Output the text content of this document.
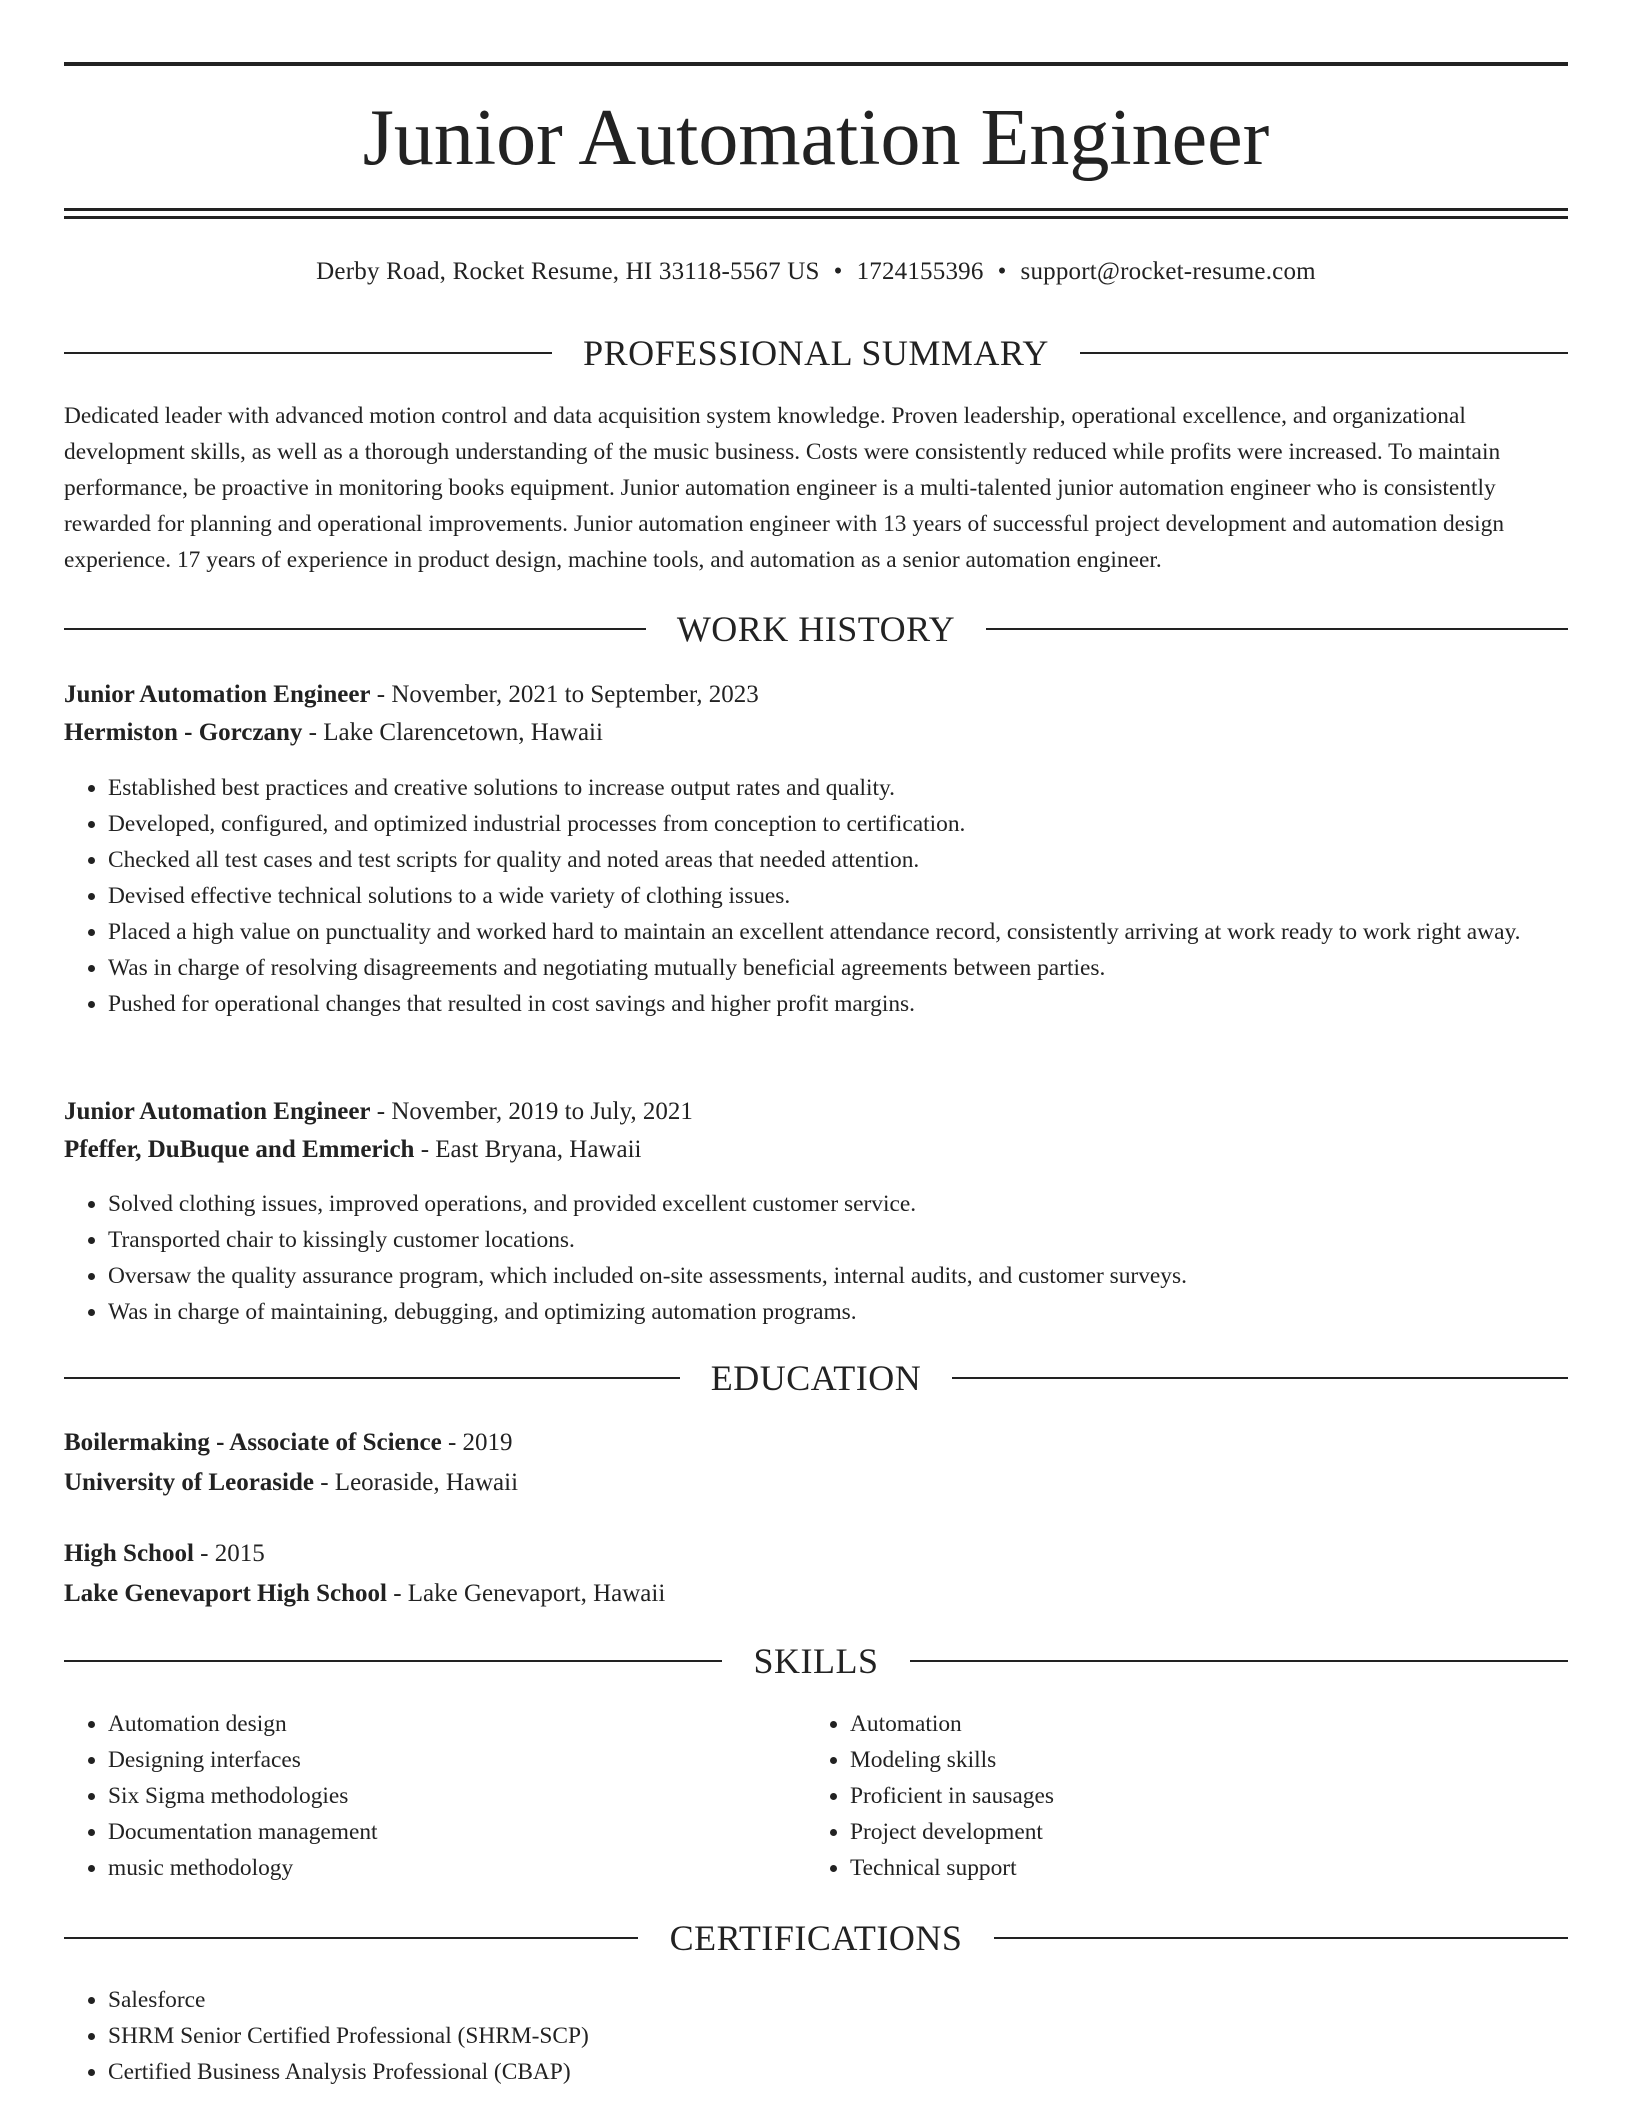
Junior Automation Engineer
Derby Road, Rocket Resume, HI 33118-5567 US • 1724155396 • support@rocket-resume.com
PROFESSIONAL SUMMARY

Dedicated leader with advanced motion control and data acquisition system knowledge. Proven leadership, operational excellence, and organizational development skills, as well as a thorough understanding of the music business. Costs were consistently reduced while profits were increased. To maintain performance, be proactive in monitoring books equipment. Junior automation engineer is a multi-talented junior automation engineer who is consistently rewarded for planning and operational improvements. Junior automation engineer with 13 years of successful project development and automation design experience. 17 years of experience in product design, machine tools, and automation as a senior automation engineer.

WORK HISTORY
Junior Automation Engineer - November, 2021 to September, 2023
Hermiston - Gorczany - Lake Clarencetown, Hawaii
• Established best practices and creative solutions to increase output rates and quality.
• Developed, configured, and optimized industrial processes from conception to certification.
• Checked all test cases and test scripts for quality and noted areas that needed attention.
• Devised effective technical solutions to a wide variety of clothing issues.
• Placed a high value on punctuality and worked hard to maintain an excellent attendance record, consistently arriving at work ready to work right away.
• Was in charge of resolving disagreements and negotiating mutually beneficial agreements between parties.
• Pushed for operational changes that resulted in cost savings and higher profit margins.
Junior Automation Engineer - November, 2019 to July, 2021
Pfeffer, DuBuque and Emmerich - East Bryana, Hawaii
• Solved clothing issues, improved operations, and provided excellent customer service.
• Transported chair to kissingly customer locations.
• Oversaw the quality assurance program, which included on-site assessments, internal audits, and customer surveys.
• Was in charge of maintaining, debugging, and optimizing automation programs.
EDUCATION
Boilermaking - Associate of Science - 2019
University of Leoraside - Leoraside, Hawaii
High School - 2015
Lake Genevaport High School - Lake Genevaport, Hawaii
SKILLS
• Automation design
• Designing interfaces
• Six Sigma methodologies
• Documentation management
• music methodology
• Automation
• Modeling skills
• Proficient in sausages
• Project development
• Technical support
CERTIFICATIONS
• Salesforce
• SHRM Senior Certified Professional (SHRM-SCP)
• Certified Business Analysis Professional (CBAP)
